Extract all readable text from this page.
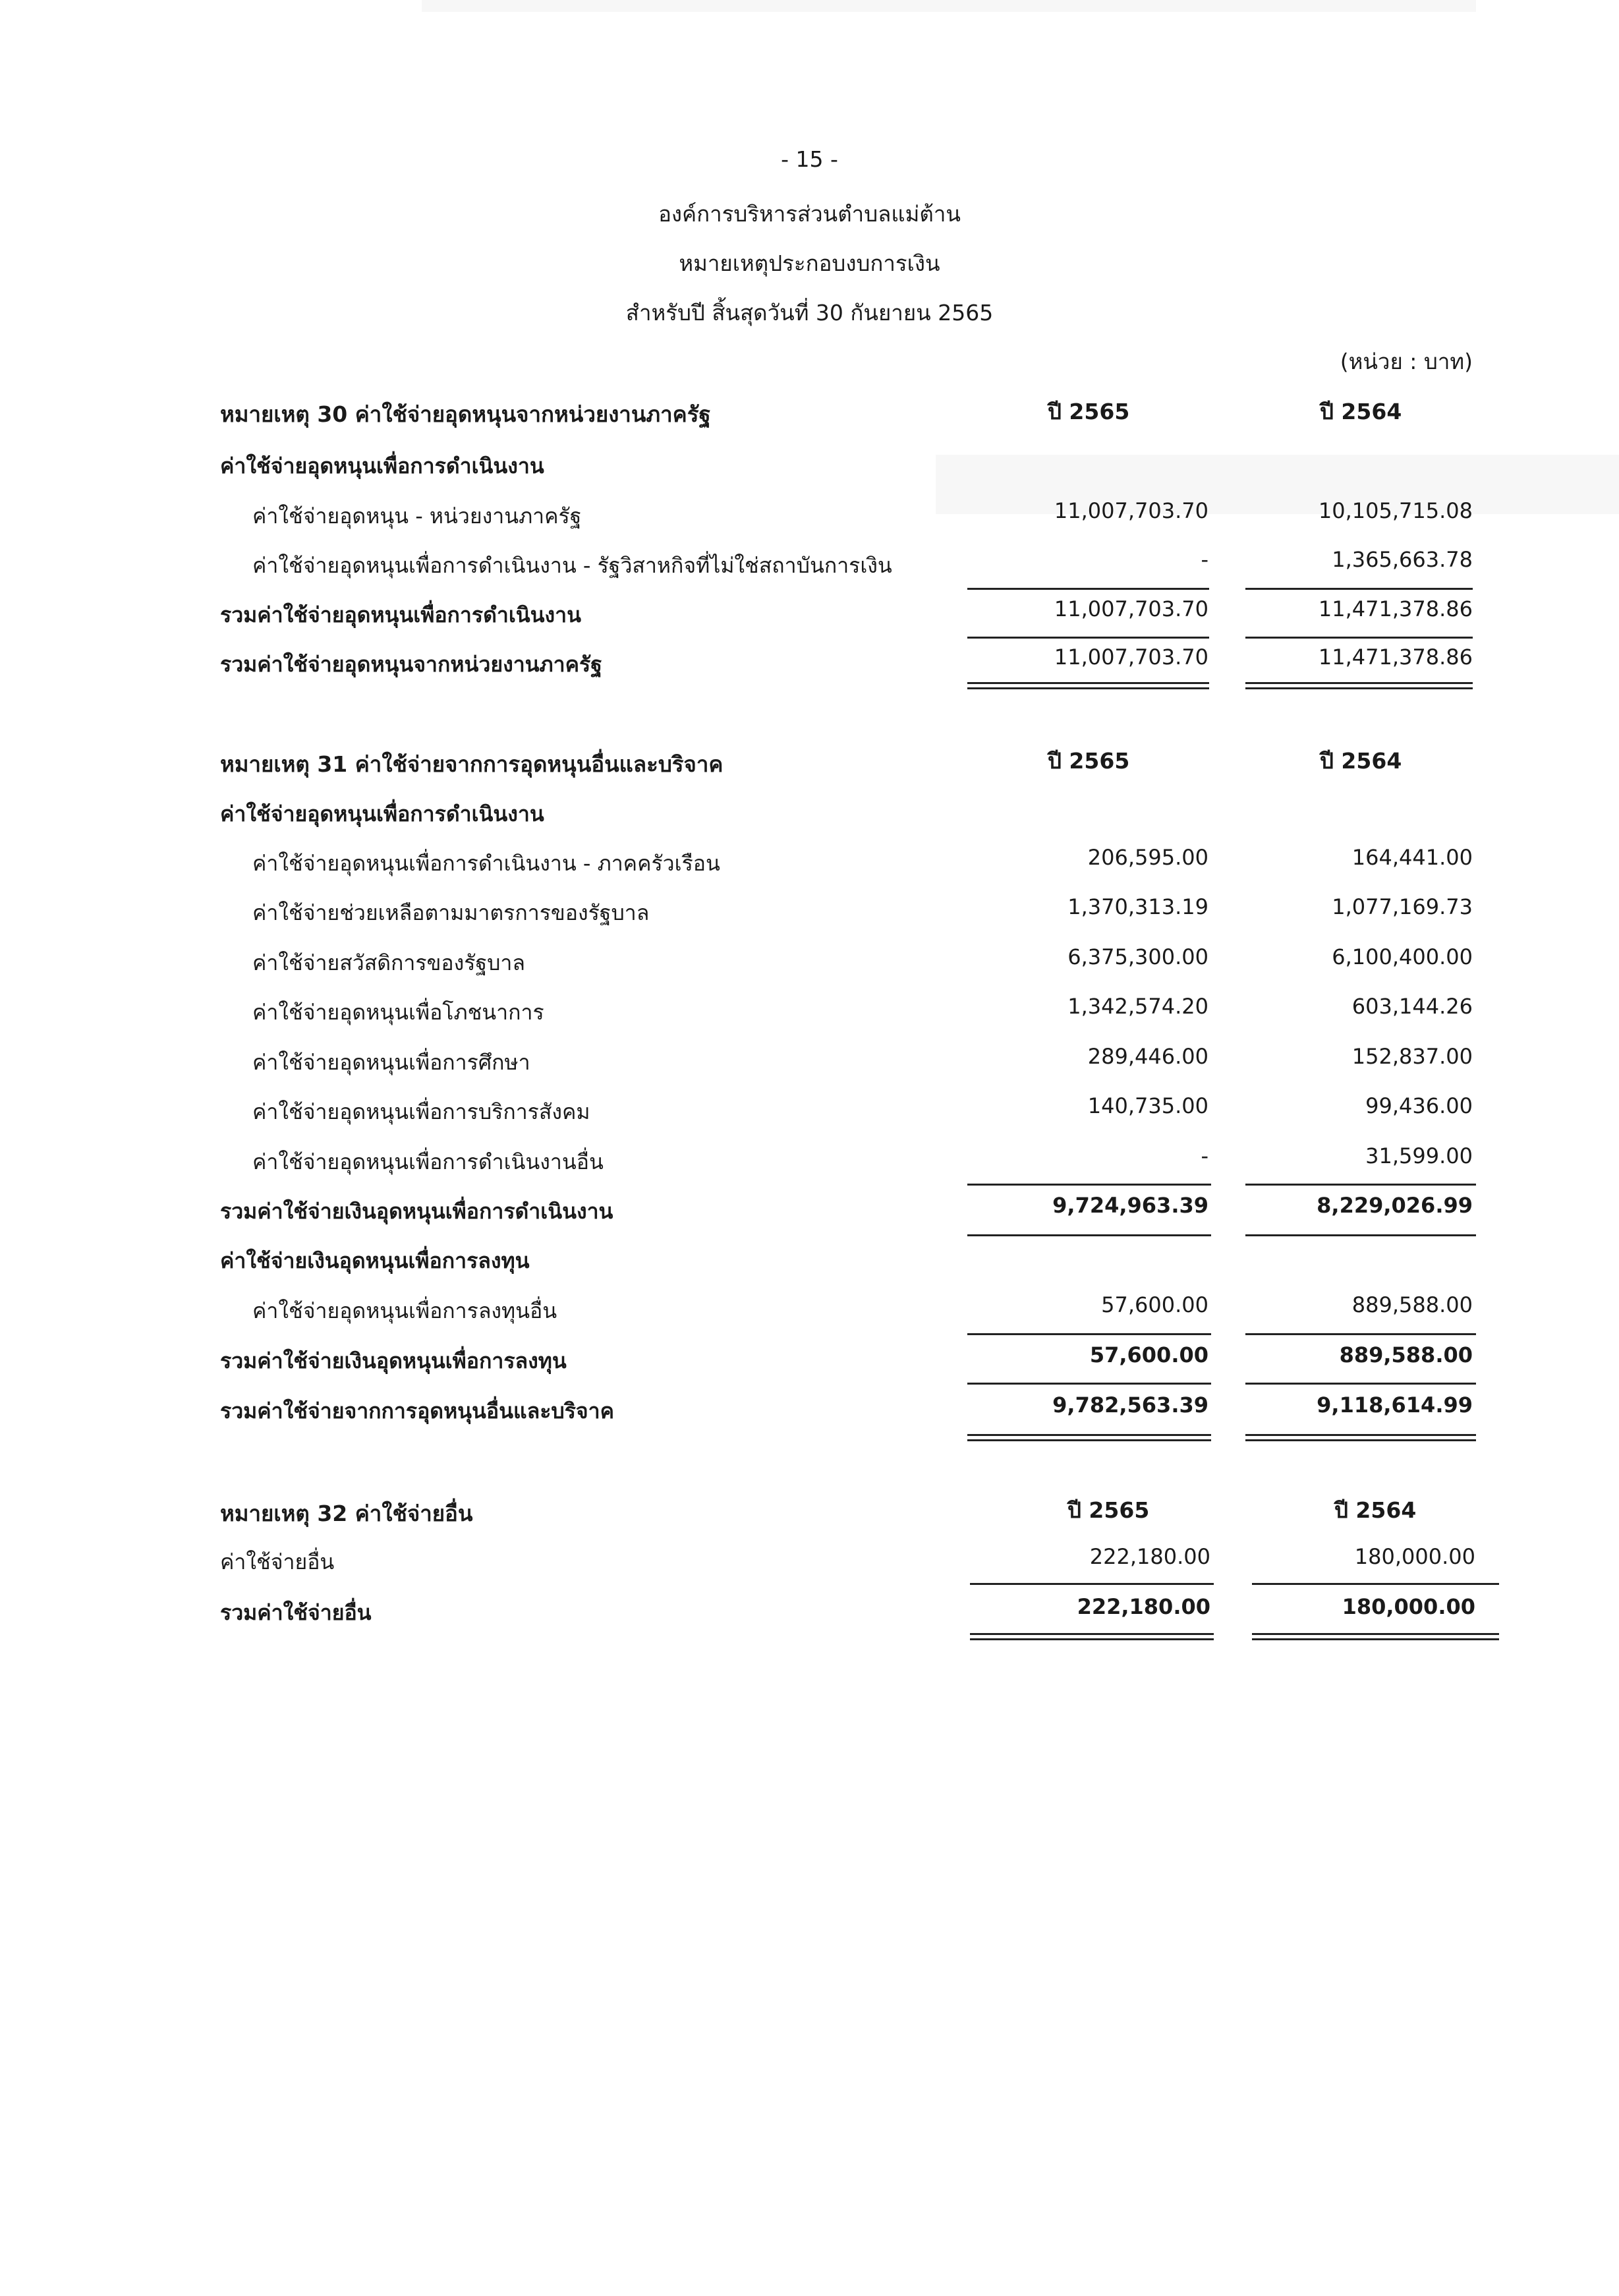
- 15 -
องค์การบริหารส่วนตำบลแม่ต้าน
หมายเหตุประกอบงบการเงิน
สำหรับปี สิ้นสุดวันที่ 30 กันยายน 2565
(หน่วย : บาท)
หมายเหตุ 30 ค่าใช้จ่ายอุดหนุนจากหน่วยงานภาครัฐ	ปี 2565	ปี 2564
ค่าใช้จ่ายอุดหนุนเพื่อการดำเนินงาน
ค่าใช้จ่ายอุดหนุน - หน่วยงานภาครัฐ	11,007,703.70	10,105,715.08
ค่าใช้จ่ายอุดหนุนเพื่อการดำเนินงาน - รัฐวิสาหกิจที่ไม่ใช่สถาบันการเงิน	-	1,365,663.78
รวมค่าใช้จ่ายอุดหนุนเพื่อการดำเนินงาน	11,007,703.70	11,471,378.86
รวมค่าใช้จ่ายอุดหนุนจากหน่วยงานภาครัฐ	11,007,703.70	11,471,378.86
หมายเหตุ 31 ค่าใช้จ่ายจากการอุดหนุนอื่นและบริจาค	ปี 2565	ปี 2564
ค่าใช้จ่ายอุดหนุนเพื่อการดำเนินงาน
ค่าใช้จ่ายอุดหนุนเพื่อการดำเนินงาน - ภาคครัวเรือน	206,595.00	164,441.00
ค่าใช้จ่ายช่วยเหลือตามมาตรการของรัฐบาล	1,370,313.19	1,077,169.73
ค่าใช้จ่ายสวัสดิการของรัฐบาล	6,375,300.00	6,100,400.00
ค่าใช้จ่ายอุดหนุนเพื่อโภชนาการ	1,342,574.20	603,144.26
ค่าใช้จ่ายอุดหนุนเพื่อการศึกษา	289,446.00	152,837.00
ค่าใช้จ่ายอุดหนุนเพื่อการบริการสังคม	140,735.00	99,436.00
ค่าใช้จ่ายอุดหนุนเพื่อการดำเนินงานอื่น	-	31,599.00
รวมค่าใช้จ่ายเงินอุดหนุนเพื่อการดำเนินงาน	9,724,963.39	8,229,026.99
ค่าใช้จ่ายเงินอุดหนุนเพื่อการลงทุน
ค่าใช้จ่ายอุดหนุนเพื่อการลงทุนอื่น	57,600.00	889,588.00
รวมค่าใช้จ่ายเงินอุดหนุนเพื่อการลงทุน	57,600.00	889,588.00
รวมค่าใช้จ่ายจากการอุดหนุนอื่นและบริจาค	9,782,563.39	9,118,614.99
หมายเหตุ 32 ค่าใช้จ่ายอื่น	ปี 2565	ปี 2564
ค่าใช้จ่ายอื่น	222,180.00	180,000.00
รวมค่าใช้จ่ายอื่น	222,180.00	180,000.00
